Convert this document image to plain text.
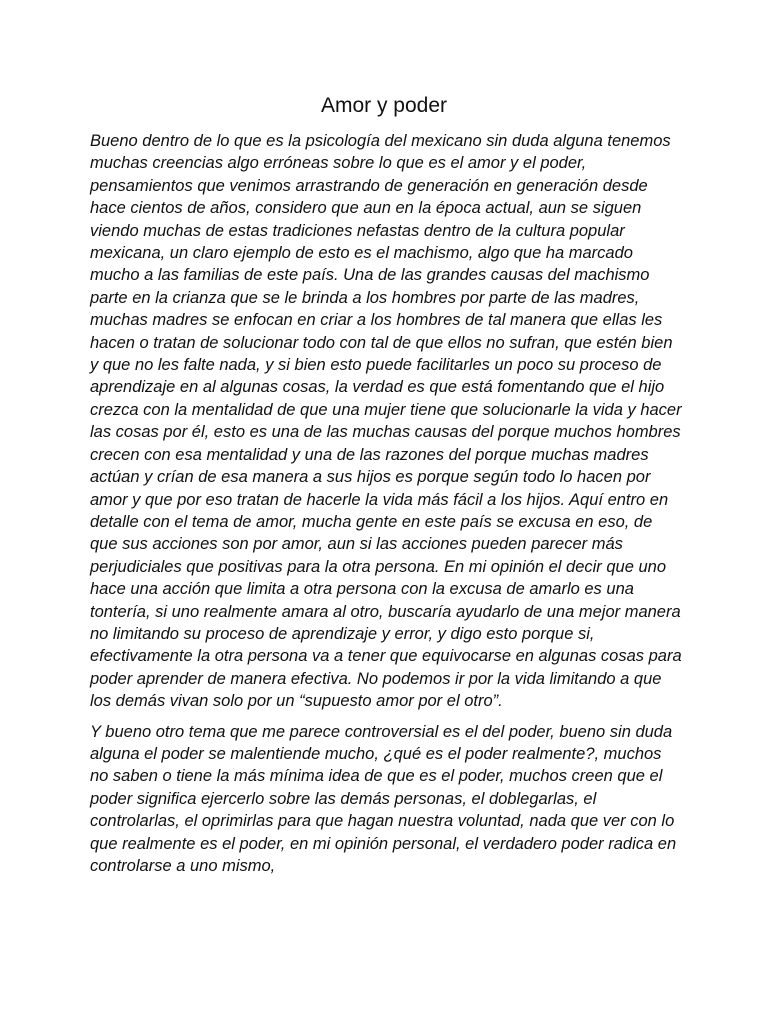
Amor y poder

Bueno dentro de lo que es la psicología del mexicano sin duda alguna tenemos muchas creencias algo erróneas sobre lo que es el amor y el poder, pensamientos que venimos arrastrando de generación en generación desde hace cientos de años, considero que aun en la época actual, aun se siguen viendo muchas de estas tradiciones nefastas dentro de la cultura popular mexicana, un claro ejemplo de esto es el machismo, algo que ha marcado mucho a las familias de este país. Una de las grandes causas del machismo parte en la crianza que se le brinda a los hombres por parte de las madres, muchas madres se enfocan en criar a los hombres de tal manera que ellas les hacen o tratan de solucionar todo con tal de que ellos no sufran, que estén bien y que no les falte nada, y si bien esto puede facilitarles un poco su proceso de aprendizaje en al algunas cosas, la verdad es que está fomentando que el hijo crezca con la mentalidad de que una mujer tiene que solucionarle la vida y hacer las cosas por él, esto es una de las muchas causas del porque muchos hombres crecen con esa mentalidad y una de las razones del porque muchas madres actúan y crían de esa manera a sus hijos es porque según todo lo hacen por amor y que por eso tratan de hacerle la vida más fácil a los hijos. Aquí entro en detalle con el tema de amor, mucha gente en este país se excusa en eso, de que sus acciones son por amor, aun si las acciones pueden parecer más perjudiciales que positivas para la otra persona. En mi opinión el decir que uno hace una acción que limita a otra persona con la excusa de amarlo es una tontería, si uno realmente amara al otro, buscaría ayudarlo de una mejor manera no limitando su proceso de aprendizaje y error, y digo esto porque si, efectivamente la otra persona va a tener que equivocarse en algunas cosas para poder aprender de manera efectiva. No podemos ir por la vida limitando a que los demás vivan solo por un “supuesto amor por el otro”.

Y bueno otro tema que me parece controversial es el del poder, bueno sin duda alguna el poder se malentiende mucho, ¿qué es el poder realmente?, muchos no saben o tiene la más mínima idea de que es el poder, muchos creen que el poder significa ejercerlo sobre las demás personas, el doblegarlas, el controlarlas, el oprimirlas para que hagan nuestra voluntad, nada que ver con lo que realmente es el poder, en mi opinión personal, el verdadero poder radica en controlarse a uno mismo,
